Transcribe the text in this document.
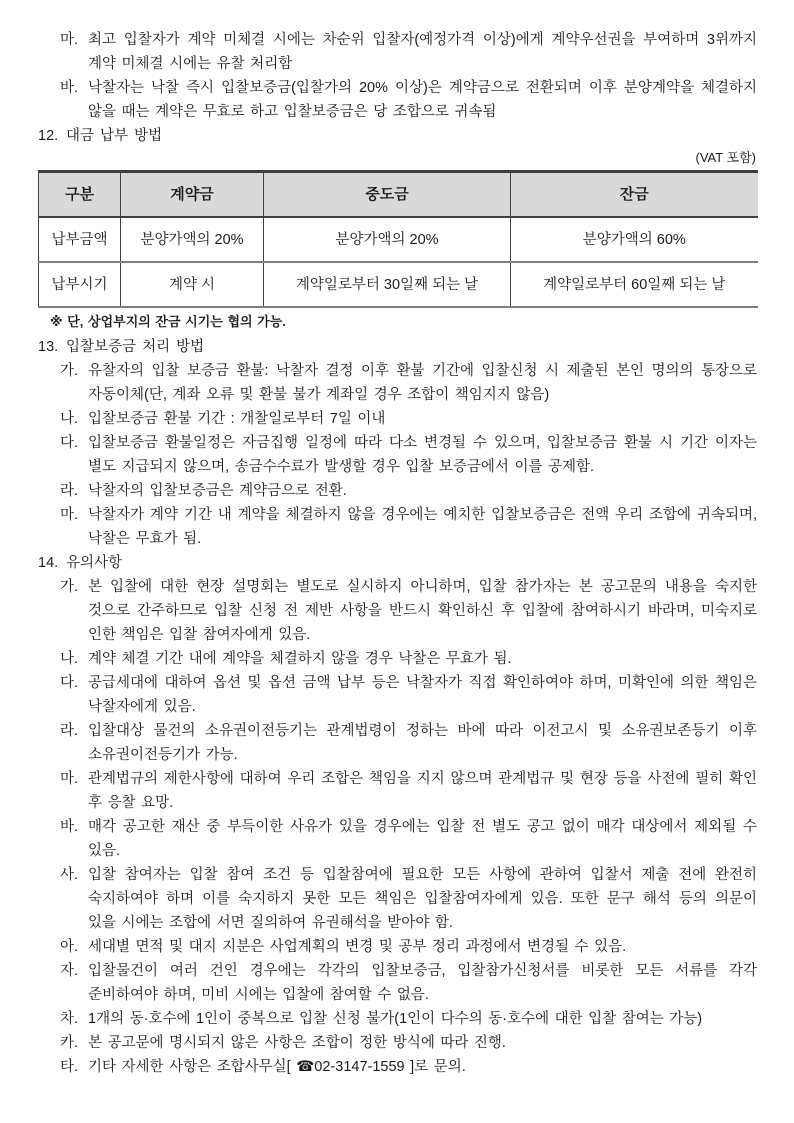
마. 최고 입찰자가 계약 미체결 시에는 차순위 입찰자(예정가격 이상)에게 계약우선권을 부여하며 3위까지 계약 미체결 시에는 유찰 처리함
바. 낙찰자는 낙찰 즉시 입찰보증금(입찰가의 20% 이상)은 계약금으로 전환되며 이후 분양계약을 체결하지 않을 때는 계약은 무효로 하고 입찰보증금은 당 조합으로 귀속됨
12. 대금 납부 방법
(VAT 포함)
구분	계약금	중도금	잔금
납부금액	분양가액의 20%	분양가액의 20%	분양가액의 60%
납부시기	계약 시	계약일로부터 30일째 되는 날	계약일로부터 60일째 되는 날
※ 단, 상업부지의 잔금 시기는 협의 가능.
13. 입찰보증금 처리 방법
가. 유찰자의 입찰 보증금 환불: 낙찰자 결정 이후 환불 기간에 입찰신청 시 제출된 본인 명의의 통장으로 자동이체(단, 계좌 오류 및 환불 불가 계좌일 경우 조합이 책임지지 않음)
나. 입찰보증금 환불 기간 : 개찰일로부터 7일 이내
다. 입찰보증금 환불일정은 자금집행 일정에 따라 다소 변경될 수 있으며, 입찰보증금 환불 시 기간 이자는 별도 지급되지 않으며, 송금수수료가 발생할 경우 입찰 보증금에서 이를 공제함.
라. 낙찰자의 입찰보증금은 계약금으로 전환.
마. 낙찰자가 계약 기간 내 계약을 체결하지 않을 경우에는 예치한 입찰보증금은 전액 우리 조합에 귀속되며, 낙찰은 무효가 됨.
14. 유의사항
가. 본 입찰에 대한 현장 설명회는 별도로 실시하지 아니하며, 입찰 참가자는 본 공고문의 내용을 숙지한 것으로 간주하므로 입찰 신청 전 제반 사항을 반드시 확인하신 후 입찰에 참여하시기 바라며, 미숙지로 인한 책임은 입찰 참여자에게 있음.
나. 계약 체결 기간 내에 계약을 체결하지 않을 경우 낙찰은 무효가 됨.
다. 공급세대에 대하여 옵션 및 옵션 금액 납부 등은 낙찰자가 직접 확인하여야 하며, 미확인에 의한 책임은 낙찰자에게 있음.
라. 입찰대상 물건의 소유권이전등기는 관계법령이 정하는 바에 따라 이전고시 및 소유권보존등기 이후 소유권이전등기가 가능.
마. 관계법규의 제한사항에 대하여 우리 조합은 책임을 지지 않으며 관계법규 및 현장 등을 사전에 필히 확인 후 응찰 요망.
바. 매각 공고한 재산 중 부득이한 사유가 있을 경우에는 입찰 전 별도 공고 없이 매각 대상에서 제외될 수 있음.
사. 입찰 참여자는 입찰 참여 조건 등 입찰참여에 필요한 모든 사항에 관하여 입찰서 제출 전에 완전히 숙지하여야 하며 이를 숙지하지 못한 모든 책임은 입찰참여자에게 있음. 또한 문구 해석 등의 의문이 있을 시에는 조합에 서면 질의하여 유권해석을 받아야 함.
아. 세대별 면적 및 대지 지분은 사업계획의 변경 및 공부 정리 과정에서 변경될 수 있음.
자. 입찰물건이 여러 건인 경우에는 각각의 입찰보증금, 입찰참가신청서를 비롯한 모든 서류를 각각 준비하여야 하며, 미비 시에는 입찰에 참여할 수 없음.
차. 1개의 동·호수에 1인이 중복으로 입찰 신청 불가(1인이 다수의 동·호수에 대한 입찰 참여는 가능)
카. 본 공고문에 명시되지 않은 사항은 조합이 정한 방식에 따라 진행.
타. 기타 자세한 사항은 조합사무실[ ☎02-3147-1559 ]로 문의.
